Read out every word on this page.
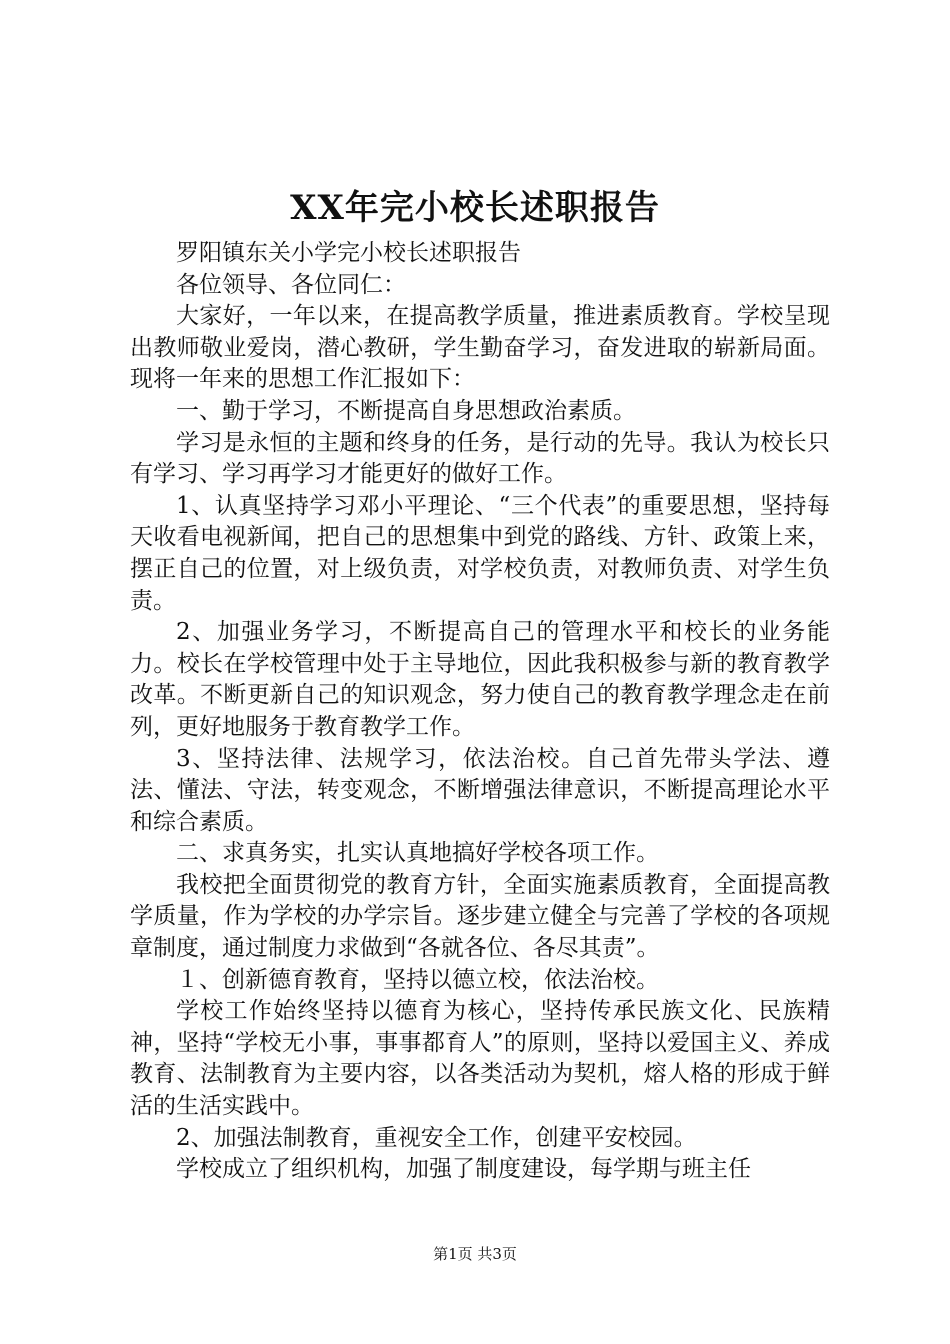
XX年完小校长述职报告

罗阳镇东关小学完小校长述职报告

各位领导、各位同仁：

大家好，一年以来，在提高教学质量，推进素质教育。学校呈现出教师敬业爱岗，潜心教研，学生勤奋学习，奋发进取的崭新局面。现将一年来的思想工作汇报如下：

一、勤于学习，不断提高自身思想政治素质。

学习是永恒的主题和终身的任务，是行动的先导。我认为校长只有学习、学习再学习才能更好的做好工作。

1、认真坚持学习邓小平理论、“三个代表”的重要思想，坚持每天收看电视新闻，把自己的思想集中到党的路线、方针、政策上来，摆正自己的位置，对上级负责，对学校负责，对教师负责、对学生负责。

2、加强业务学习，不断提高自己的管理水平和校长的业务能力。校长在学校管理中处于主导地位，因此我积极参与新的教育教学改革。不断更新自己的知识观念，努力使自己的教育教学理念走在前列，更好地服务于教育教学工作。

3、坚持法律、法规学习，依法治校。自己首先带头学法、遵法、懂法、守法，转变观念，不断增强法律意识，不断提高理论水平和综合素质。

二、求真务实，扎实认真地搞好学校各项工作。

我校把全面贯彻党的教育方针，全面实施素质教育，全面提高教学质量，作为学校的办学宗旨。逐步建立健全与完善了学校的各项规章制度，通过制度力求做到“各就各位、各尽其责”。

１、创新德育教育，坚持以德立校，依法治校。

学校工作始终坚持以德育为核心，坚持传承民族文化、民族精神，坚持“学校无小事，事事都育人”的原则，坚持以爱国主义、养成教育、法制教育为主要内容，以各类活动为契机，熔人格的形成于鲜活的生活实践中。

2、加强法制教育，重视安全工作，创建平安校园。

学校成立了组织机构，加强了制度建设，每学期与班主任

第1页 共3页
